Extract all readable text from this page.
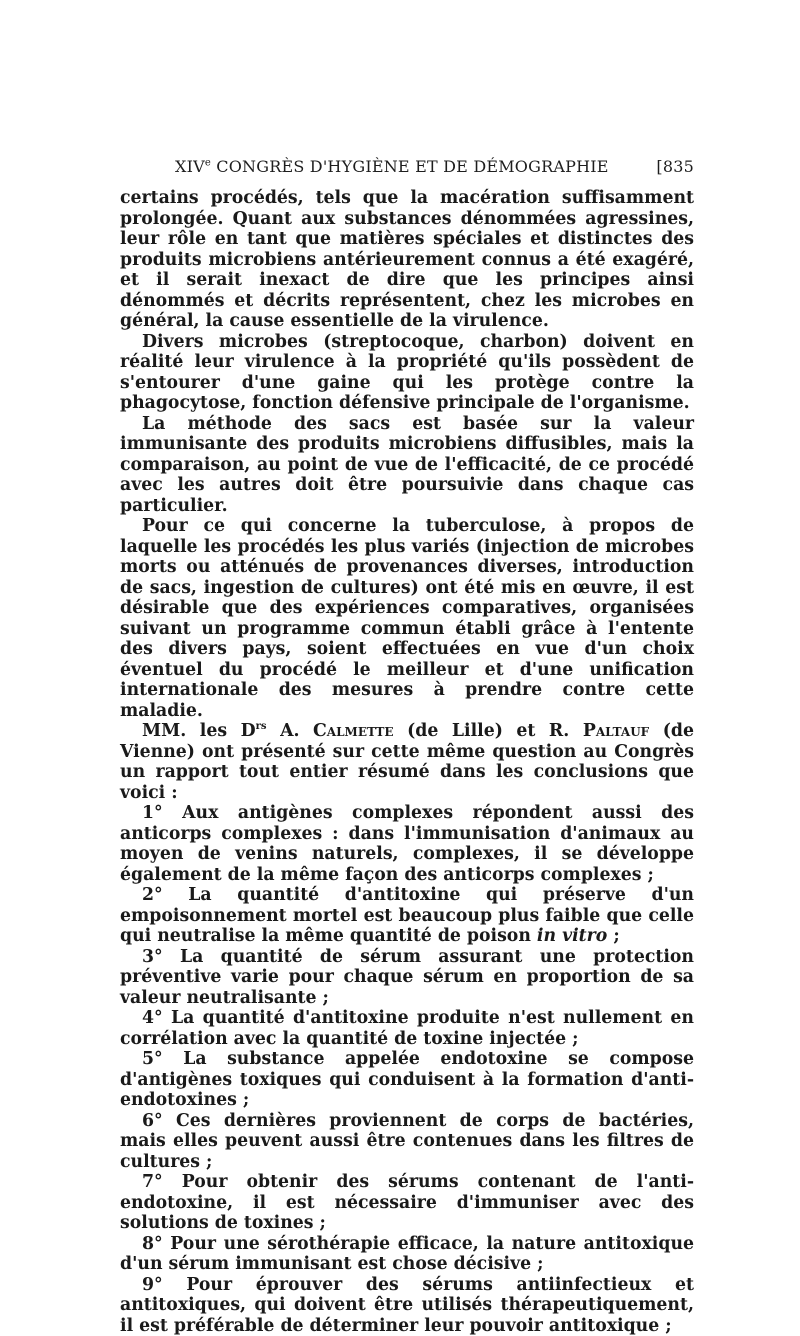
XIVe CONGRÈS D'HYGIÈNE ET DE DÉMOGRAPHIE	[835

certains procédés, tels que la macération suffisamment prolongée. Quant aux substances dénommées agressines, leur rôle en tant que matières spéciales et distinctes des produits microbiens antérieurement connus a été exagéré, et il serait inexact de dire que les principes ainsi dénommés et décrits représentent, chez les microbes en général, la cause essentielle de la virulence.

Divers microbes (streptocoque, charbon) doivent en réalité leur virulence à la propriété qu'ils possèdent de s'entourer d'une gaine qui les protège contre la phagocytose, fonction défensive principale de l'organisme.

La méthode des sacs est basée sur la valeur immunisante des produits microbiens diffusibles, mais la comparaison, au point de vue de l'efficacité, de ce procédé avec les autres doit être poursuivie dans chaque cas particulier.

Pour ce qui concerne la tuberculose, à propos de laquelle les procédés les plus variés (injection de microbes morts ou atténués de provenances diverses, introduction de sacs, ingestion de cultures) ont été mis en œuvre, il est désirable que des expériences comparatives, organisées suivant un programme commun établi grâce à l'entente des divers pays, soient effectuées en vue d'un choix éventuel du procédé le meilleur et d'une unification internationale des mesures à prendre contre cette maladie.

MM. les $D^{rs}$ A. Calmette (de Lille) et R. Paltauf (de Vienne) ont présenté sur cette même question au Congrès un rapport tout entier résumé dans les conclusions que voici :

1° Aux antigènes complexes répondent aussi des anticorps complexes : dans l'immunisation d'animaux au moyen de venins naturels, complexes, il se développe également de la même façon des anticorps complexes ;

2° La quantité d'antitoxine qui préserve d'un empoisonnement mortel est beaucoup plus faible que celle qui neutralise la même quantité de poison in vitro ;

3° La quantité de sérum assurant une protection préventive varie pour chaque sérum en proportion de sa valeur neutralisante ;

4° La quantité d'antitoxine produite n'est nullement en corrélation avec la quantité de toxine injectée ;

5° La substance appelée endotoxine se compose d'antigènes toxiques qui conduisent à la formation d'anti-endotoxines ;

6° Ces dernières proviennent de corps de bactéries, mais elles peuvent aussi être contenues dans les filtres de cultures ;

7° Pour obtenir des sérums contenant de l'anti-endotoxine, il est nécessaire d'immuniser avec des solutions de toxines ;

8° Pour une sérothérapie efficace, la nature antitoxique d'un sérum immunisant est chose décisive ;

9° Pour éprouver des sérums antiinfectieux et antitoxiques, qui doivent être utilisés thérapeutiquement, il est préférable de déterminer leur pouvoir antitoxique ;
